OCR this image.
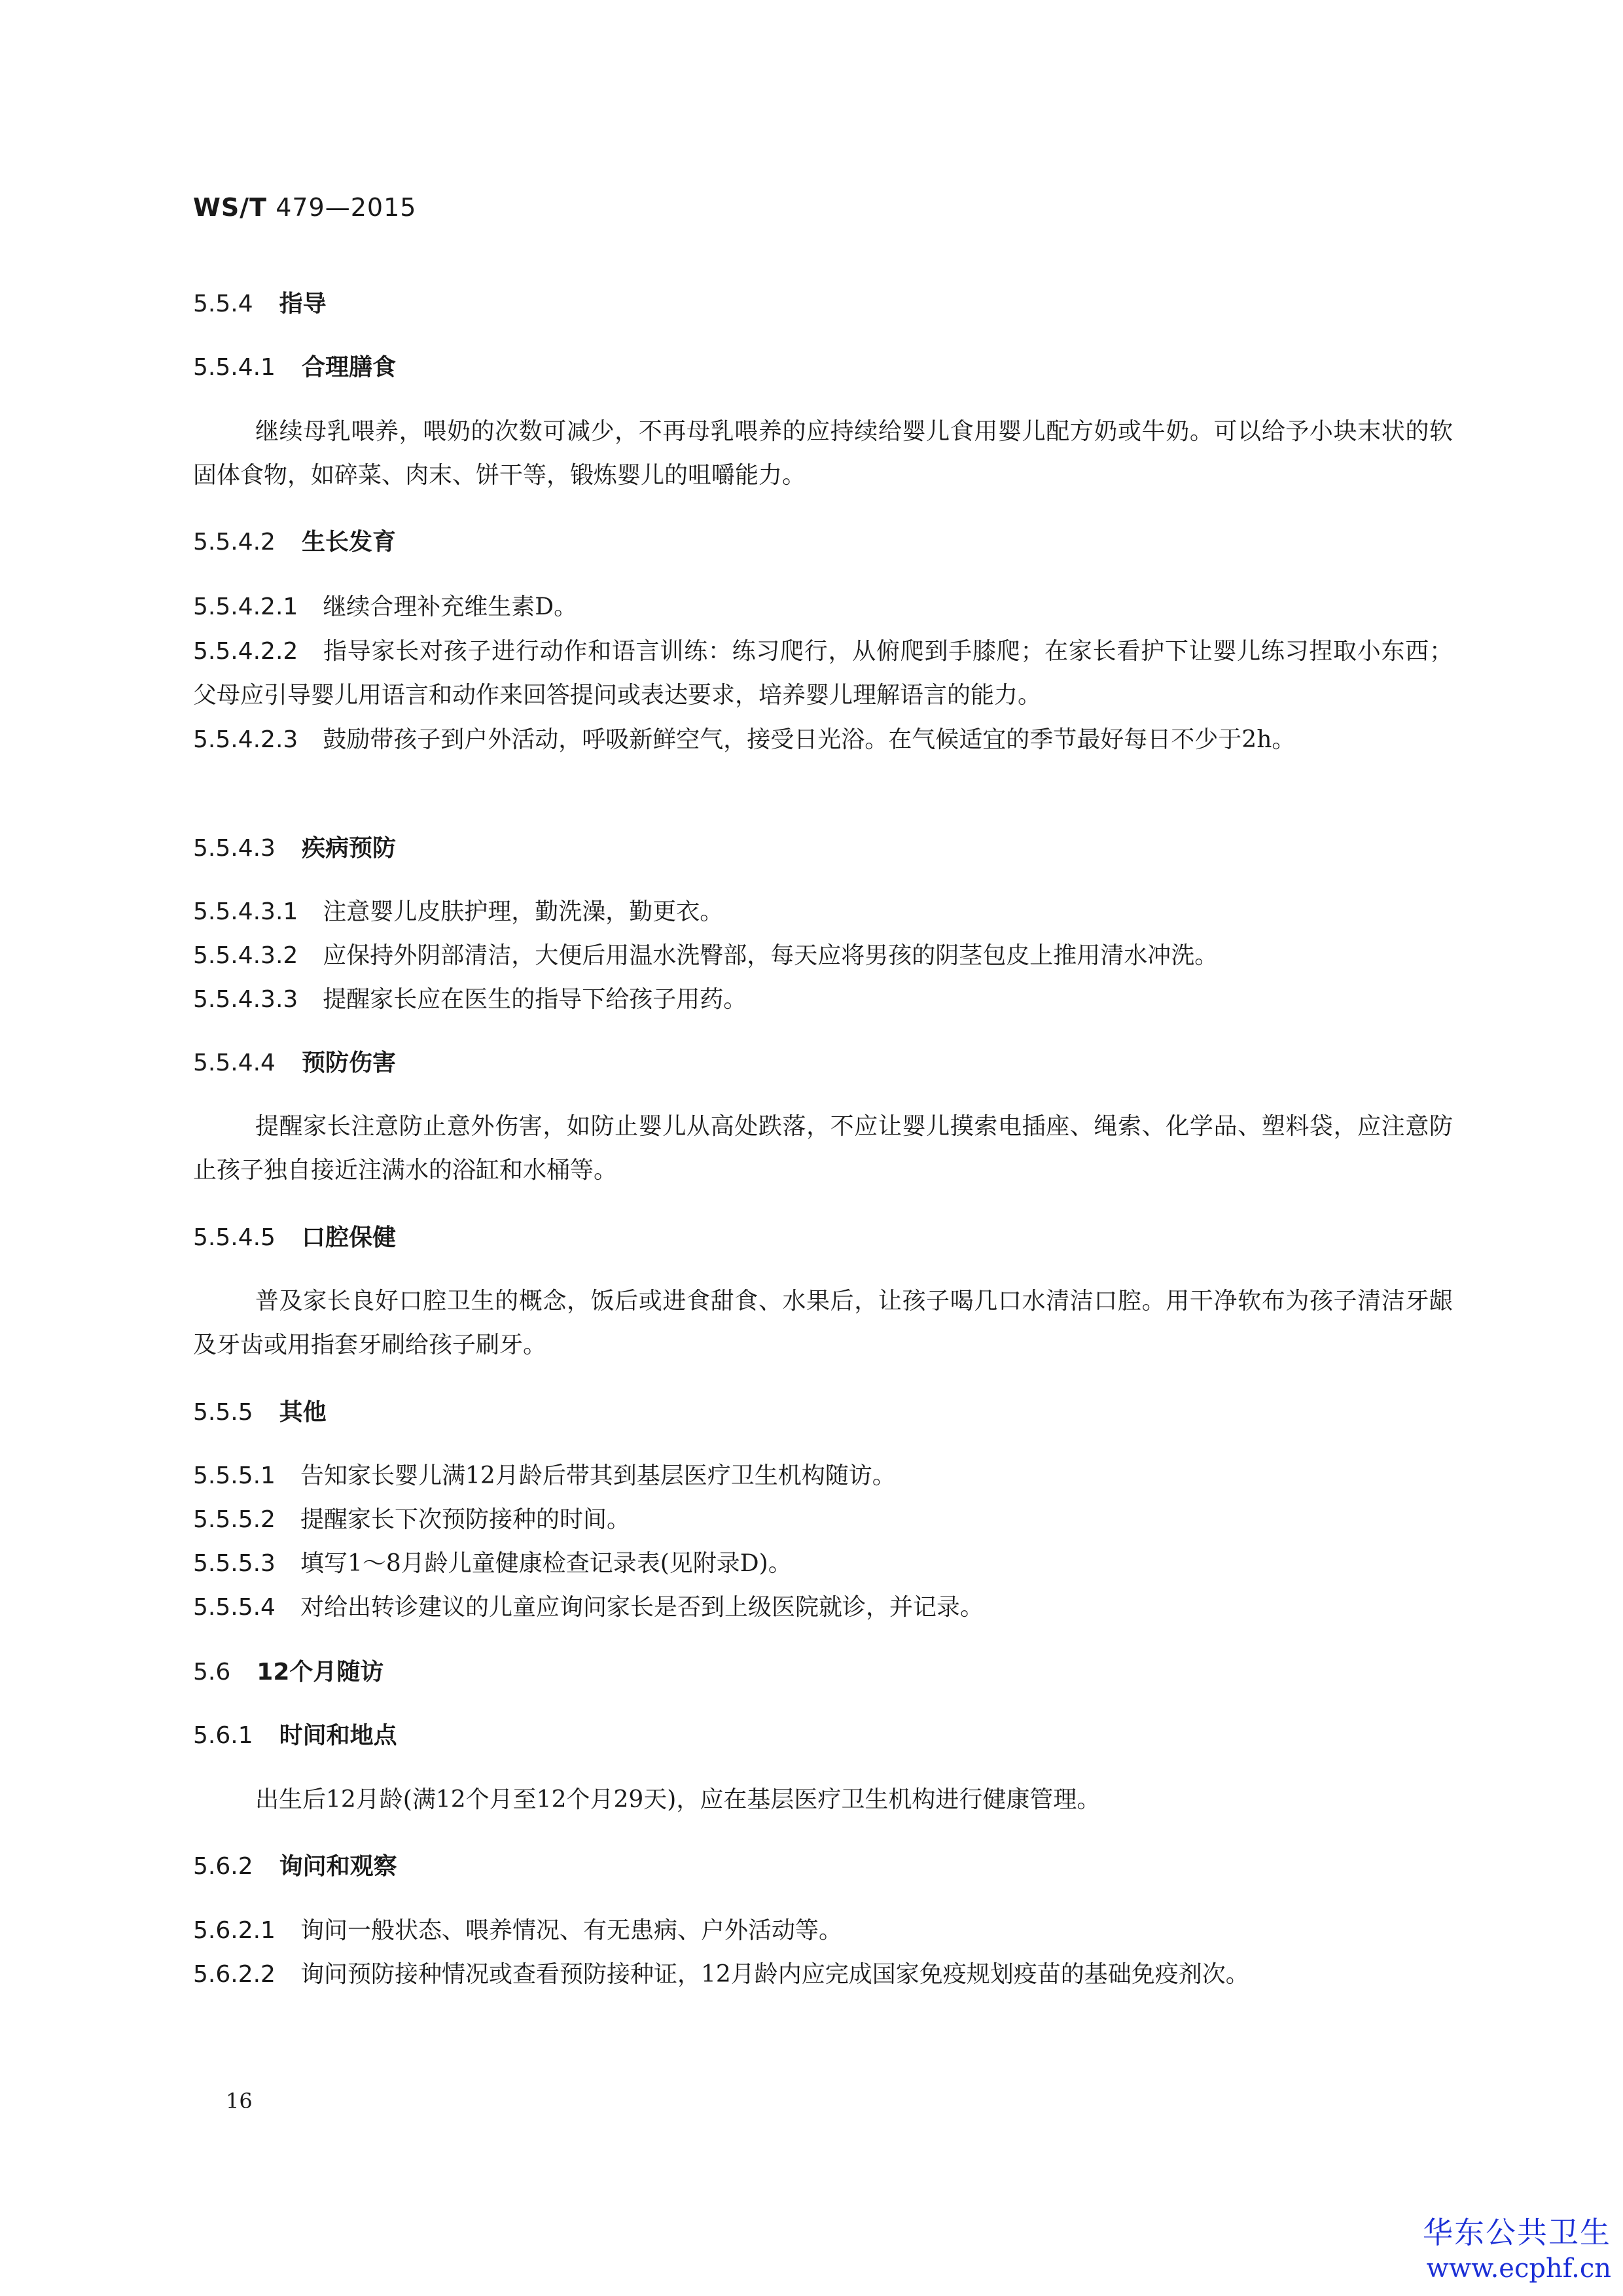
WS/T 479—2015
5.5.4 指导
5.5.4.1 合理膳食
继续母乳喂养，喂奶的次数可减少，不再母乳喂养的应持续给婴儿食用婴儿配方奶或牛奶。可以给予小块末状的软固体食物，如碎菜、肉末、饼干等，锻炼婴儿的咀嚼能力。
5.5.4.2 生长发育
5.5.4.2.1 继续合理补充维生素D。
5.5.4.2.2 指导家长对孩子进行动作和语言训练：练习爬行，从俯爬到手膝爬；在家长看护下让婴儿练习捏取小东西；父母应引导婴儿用语言和动作来回答提问或表达要求，培养婴儿理解语言的能力。
5.5.4.2.3 鼓励带孩子到户外活动，呼吸新鲜空气，接受日光浴。在气候适宜的季节最好每日不少于2h。
5.5.4.3 疾病预防
5.5.4.3.1 注意婴儿皮肤护理，勤洗澡，勤更衣。
5.5.4.3.2 应保持外阴部清洁，大便后用温水洗臀部，每天应将男孩的阴茎包皮上推用清水冲洗。
5.5.4.3.3 提醒家长应在医生的指导下给孩子用药。
5.5.4.4 预防伤害
提醒家长注意防止意外伤害，如防止婴儿从高处跌落，不应让婴儿摸索电插座、绳索、化学品、塑料袋，应注意防止孩子独自接近注满水的浴缸和水桶等。
5.5.4.5 口腔保健
普及家长良好口腔卫生的概念，饭后或进食甜食、水果后，让孩子喝几口水清洁口腔。用干净软布为孩子清洁牙龈及牙齿或用指套牙刷给孩子刷牙。
5.5.5 其他
5.5.5.1 告知家长婴儿满12月龄后带其到基层医疗卫生机构随访。
5.5.5.2 提醒家长下次预防接种的时间。
5.5.5.3 填写1～8月龄儿童健康检查记录表(见附录D)。
5.5.5.4 对给出转诊建议的儿童应询问家长是否到上级医院就诊，并记录。
5.6 12个月随访
5.6.1 时间和地点
出生后12月龄(满12个月至12个月29天)，应在基层医疗卫生机构进行健康管理。
5.6.2 询问和观察
5.6.2.1 询问一般状态、喂养情况、有无患病、户外活动等。
5.6.2.2 询问预防接种情况或查看预防接种证，12月龄内应完成国家免疫规划疫苗的基础免疫剂次。
16
华东公共卫生
www.ecphf.cn
